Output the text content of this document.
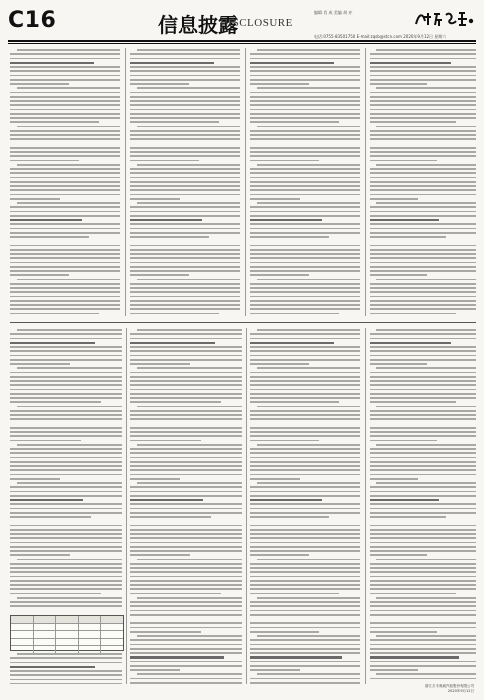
C16	信息披露
DISCLOSURE
编辑 肖 成 美编 胡 亦
电话:0755-83501750 E-mail:zqsb@stcn.com 2020年9月12日 星期六
浙江万丰奥威汽轮股份有限公司
2020年9月12日
